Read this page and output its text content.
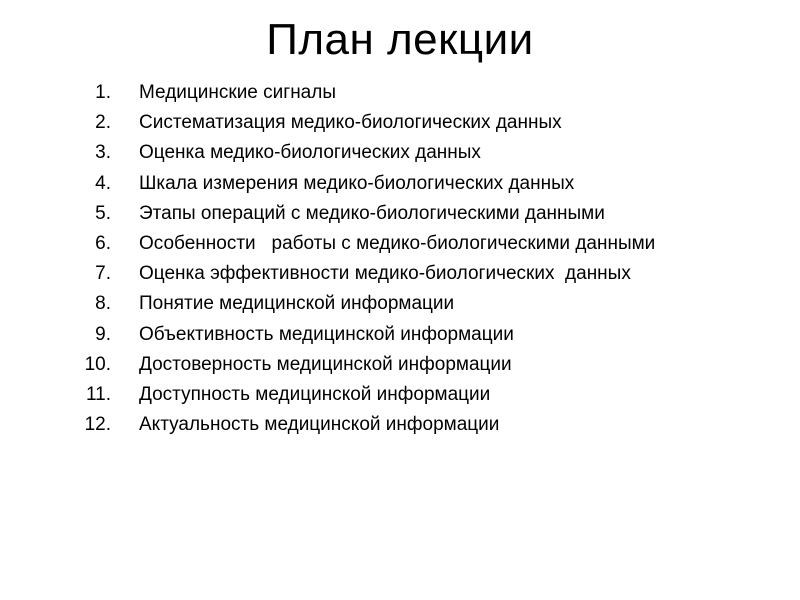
План лекции

1.

Медицинские сигналы

2.

Систематизация медико-биологических данных

3.

Оценка медико-биологических данных

4.

Шкала измерения медико-биологических данных

5.

Этапы операций с медико-биологическими данными

6.

Особенности   работы с медико-биологическими данными

7.

Оценка эффективности медико-биологических  данных

8.

Понятие медицинской информации

9.

Объективность медицинской информации

10.

Достоверность медицинской информации

11.

Доступность медицинской информации

12.

Актуальность медицинской информации
